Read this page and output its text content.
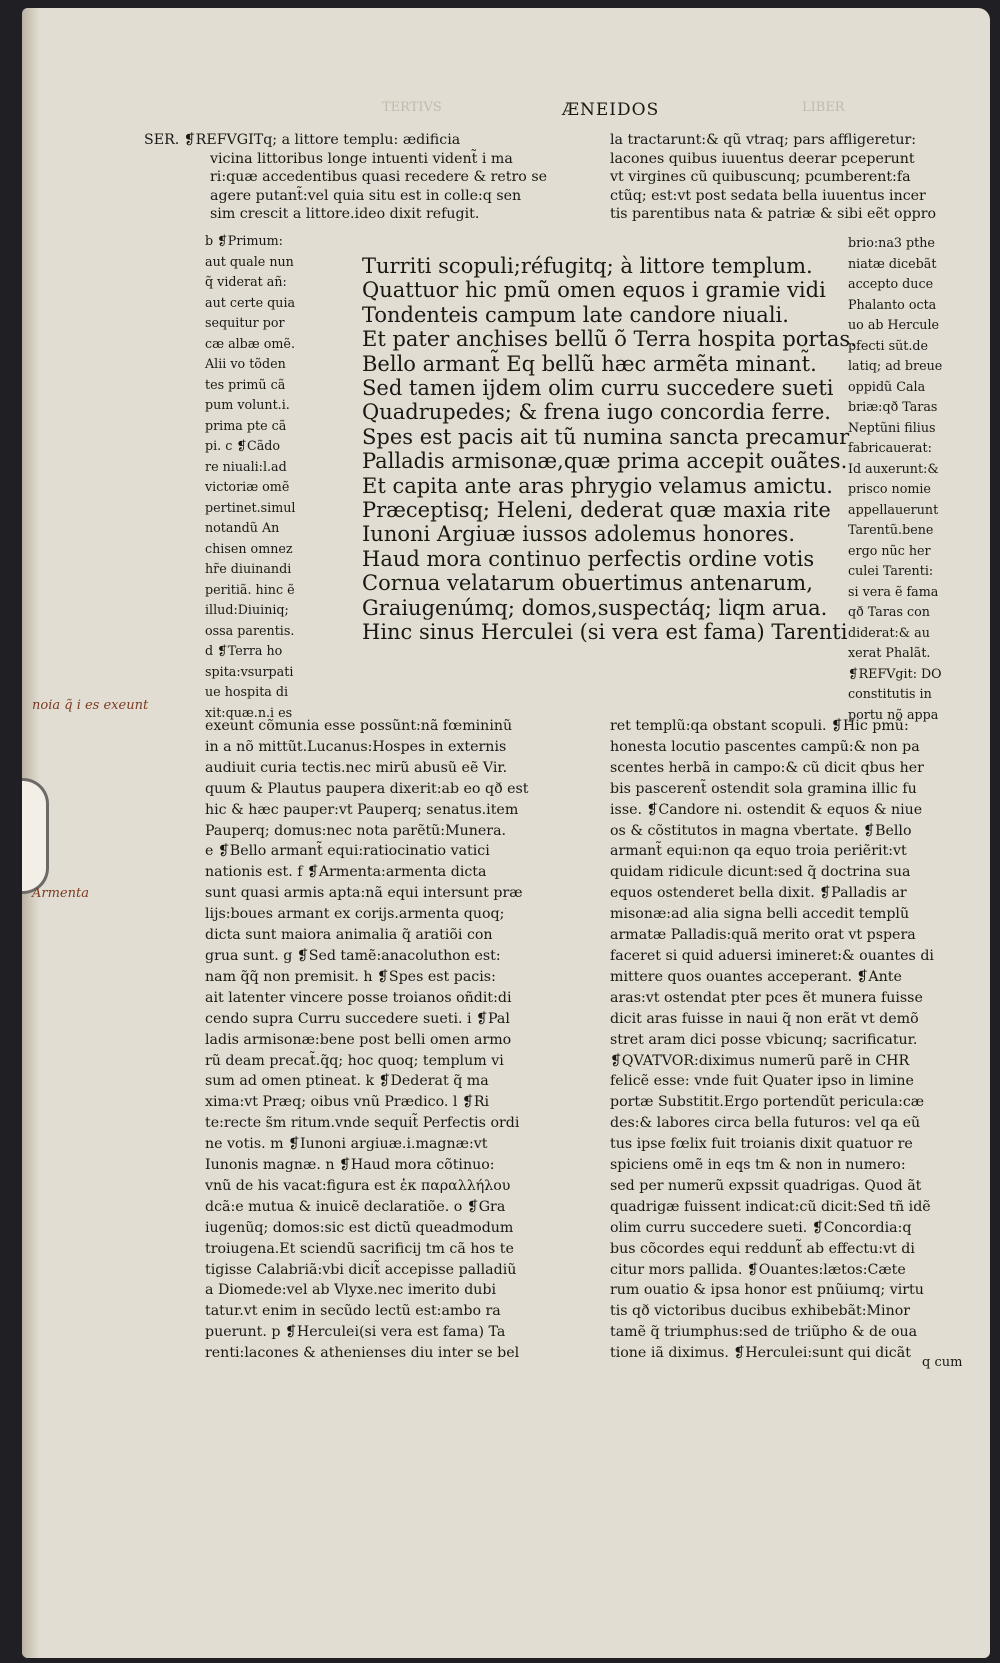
TERTIVS	LIBER
ÆNEIDOS

SER. ❡REFVGITq; a littore templu: ædificia

vicina littoribus longe intuenti vident̃ i ma

ri:quæ accedentibus quasi recedere & retro se

agere putant̃:vel quia situ est in colle:q sen

sim crescit a littore.ideo dixit refugit.

la tractarunt:& qũ vtraq; pars affligeretur:

lacones quibus iuuentus deerar pceperunt

vt virgines cũ quibuscunq; pcumberent:fa

ctũq; est:vt post sedata bella iuuentus incer

tis parentibus nata & patriæ & sibi eẽt oppro

b ❡Primum:

aut quale nun

q̃ viderat añ:

aut certe quia

sequitur por

cæ albæ omẽ.

Alii vo tõden

tes primũ cã

pum volunt.i.

prima pte cã

pi. c ❡Cãdo

re niuali:l.ad

victoriæ omẽ

pertinet.simul

notandũ An

chisen omnez

hr̃e diuinandi

peritiã. hinc ẽ

illud:Diuiniq;

ossa parentis.

d ❡Terra ho

spita:vsurpati

ue hospita di

xit:quæ.n.i es

Turriti scopuli;réfugitq; à littore templum.

Quattuor hic pmũ omen equos i gramie vidi

Tondenteis campum late candore niuali.

Et pater anchises bellũ õ Terra hospita portas.

Bello armant̃ Eq bellũ hæc armẽta minant̃.

Sed tamen ijdem olim curru succedere sueti

Quadrupedes; & frena iugo concordia ferre.

Spes est pacis ait tũ numina sancta precamur

Palladis armisonæ,quæ prima accepit ouãtes.

Et capita ante aras phrygio velamus amictu.

Præceptisq; Heleni, dederat quæ maxia rite

Iunoni Argiuæ iussos adolemus honores.

Haud mora continuo perfectis ordine votis

Cornua velatarum obuertimus antenarum,

Graiugenúmq; domos,suspectáq; liqm arua.

Hinc sinus Herculei (si vera est fama) Tarenti

brio:na3 pthe

niatæ dicebãt

accepto duce

Phalanto octa

uo ab Hercule

pfecti sũt.de

latiq; ad breue

oppidũ Cala

briæ:qð Taras

Neptũni filius

fabricauerat:

Id auxerunt:&

prisco nomie

appellauerunt

Tarentũ.bene

ergo nũc her

culei Tarenti:

si vera ẽ fama

qð Taras con

diderat:& au

xerat Phalãt.

❡REFVgit: DO

constitutis in

portu nõ appa

exeunt cõmunia esse possũnt:nã fœmininũ

in a nõ mittũt.Lucanus:Hospes in externis

audiuit curia tectis.nec mirũ abusũ eẽ Vir.

quum & Plautus paupera dixerit:ab eo qð est

hic & hæc pauper:vt Pauperq; senatus.item

Pauperq; domus:nec nota parẽtũ:Munera.

e ❡Bello armant̃ equi:ratiocinatio vatici

nationis est. f ❡Armenta:armenta dicta

sunt quasi armis apta:nã equi intersunt præ

lijs:boues armant ex corijs.armenta quoq;

dicta sunt maiora animalia q̃ aratiõi con

grua sunt. g ❡Sed tamẽ:anacoluthon est:

nam q̃q̃ non premisit. h ❡Spes est pacis:

ait latenter vincere posse troianos oñdit:di

cendo supra Curru succedere sueti. i ❡Pal

ladis armisonæ:bene post belli omen armo

rũ deam precat̃.q̃q; hoc quoq; templum vi

sum ad omen ptineat. k ❡Dederat q̃ ma

xima:vt Præq; oibus vnũ Prædico. l ❡Ri

te:recte s̃m ritum.vnde sequit̃ Perfectis ordi

ne votis. m ❡Iunoni argiuæ.i.magnæ:vt

Iunonis magnæ. n ❡Haud mora cõtinuo:

vnũ de his vacat:figura est ἐκ παραλλήλου

dcã:e mutua & inuicẽ declaratiõe. o ❡Gra

iugenũq; domos:sic est dictũ queadmodum

troiugena.Et sciendũ sacrificij tm cã hos te

tigisse Calabriã:vbi dicit̃ accepisse palladiũ

a Diomede:vel ab Vlyxe.nec imerito dubi

tatur.vt enim in secũdo lectũ est:ambo ra

puerunt. p ❡Herculei(si vera est fama) Ta

renti:lacones & athenienses diu inter se bel

ret templũ:qa obstant scopuli. ❡Hic pmũ:

honesta locutio pascentes campũ:& non pa

scentes herbã in campo:& cũ dicit qbus her

bis pascerent̃ ostendit sola gramina illic fu

isse. ❡Candore ni. ostendit & equos & niue

os & cõstitutos in magna vbertate. ❡Bello

armant̃ equi:non qa equo troia periẽrit:vt

quidam ridicule dicunt:sed q̃ doctrina sua

equos ostenderet bella dixit. ❡Palladis ar

misonæ:ad alia signa belli accedit templũ

armatæ Palladis:quã merito orat vt pspera

faceret si quid aduersi imineret:& ouantes di

mittere quos ouantes acceperant. ❡Ante

aras:vt ostendat pter pces ẽt munera fuisse

dicit aras fuisse in naui q̃ non erãt vt demõ

stret aram dici posse vbicunq; sacrificatur.

❡QVATVOR:diximus numerũ parẽ in CHR

felicẽ esse: vnde fuit Quater ipso in limine

portæ Substitit.Ergo portendũt pericula:cæ

des:& labores circa bella futuros: vel qa eũ

tus ipse fœlix fuit troianis dixit quatuor re

spiciens omẽ in eqs tm & non in numero:

sed per numerũ expssit quadrigas. Quod ãt

quadrigæ fuissent indicat:cũ dicit:Sed tñ idẽ

olim curru succedere sueti. ❡Concordia:q

bus cõcordes equi reddunt̃ ab effectu:vt di

citur mors pallida. ❡Ouantes:lætos:Cæte

rum ouatio & ipsa honor est pnũiumq; virtu

tis qð victoribus ducibus exhibebãt:Minor

tamẽ q̃ triumphus:sed de triũpho & de oua

tione iã diximus. ❡Herculei:sunt qui dicãt

q cum
noia q̃ i es exeunt
Armenta
